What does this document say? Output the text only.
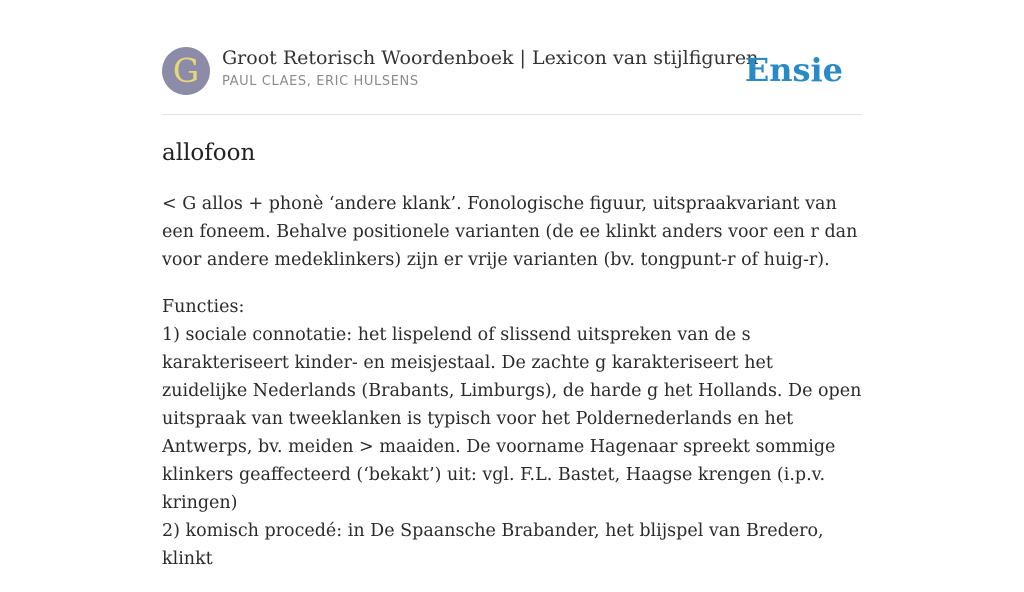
G Groot Retorisch Woordenboek | Lexicon van stijlfiguren
PAUL CLAES, ERIC HULSENS	Ensie
allofoon

< G allos + phonè ‘andere klank’. Fonologische figuur, uitspraakvariant van een foneem. Behalve positionele varianten (de ee klinkt anders voor een r dan voor andere medeklinkers) zijn er vrije varianten (bv. tongpunt-r of huig-r).

Functies:
1) sociale connotatie: het lispelend of slissend uitspreken van de s karakteriseert kinder- en meisjestaal. De zachte g karakteriseert het zuidelijke Nederlands (Brabants, Limburgs), de harde g het Hollands. De open uitspraak van tweeklanken is typisch voor het Poldernederlands en het Antwerps, bv. meiden > maaiden. De voorname Hagenaar spreekt sommige klinkers geaffecteerd (‘bekakt’) uit: vgl. F.L. Bastet, Haagse krengen (i.p.v. kringen)
2) komisch procedé: in De Spaansche Brabander, het blijspel van Bredero, klinkt
